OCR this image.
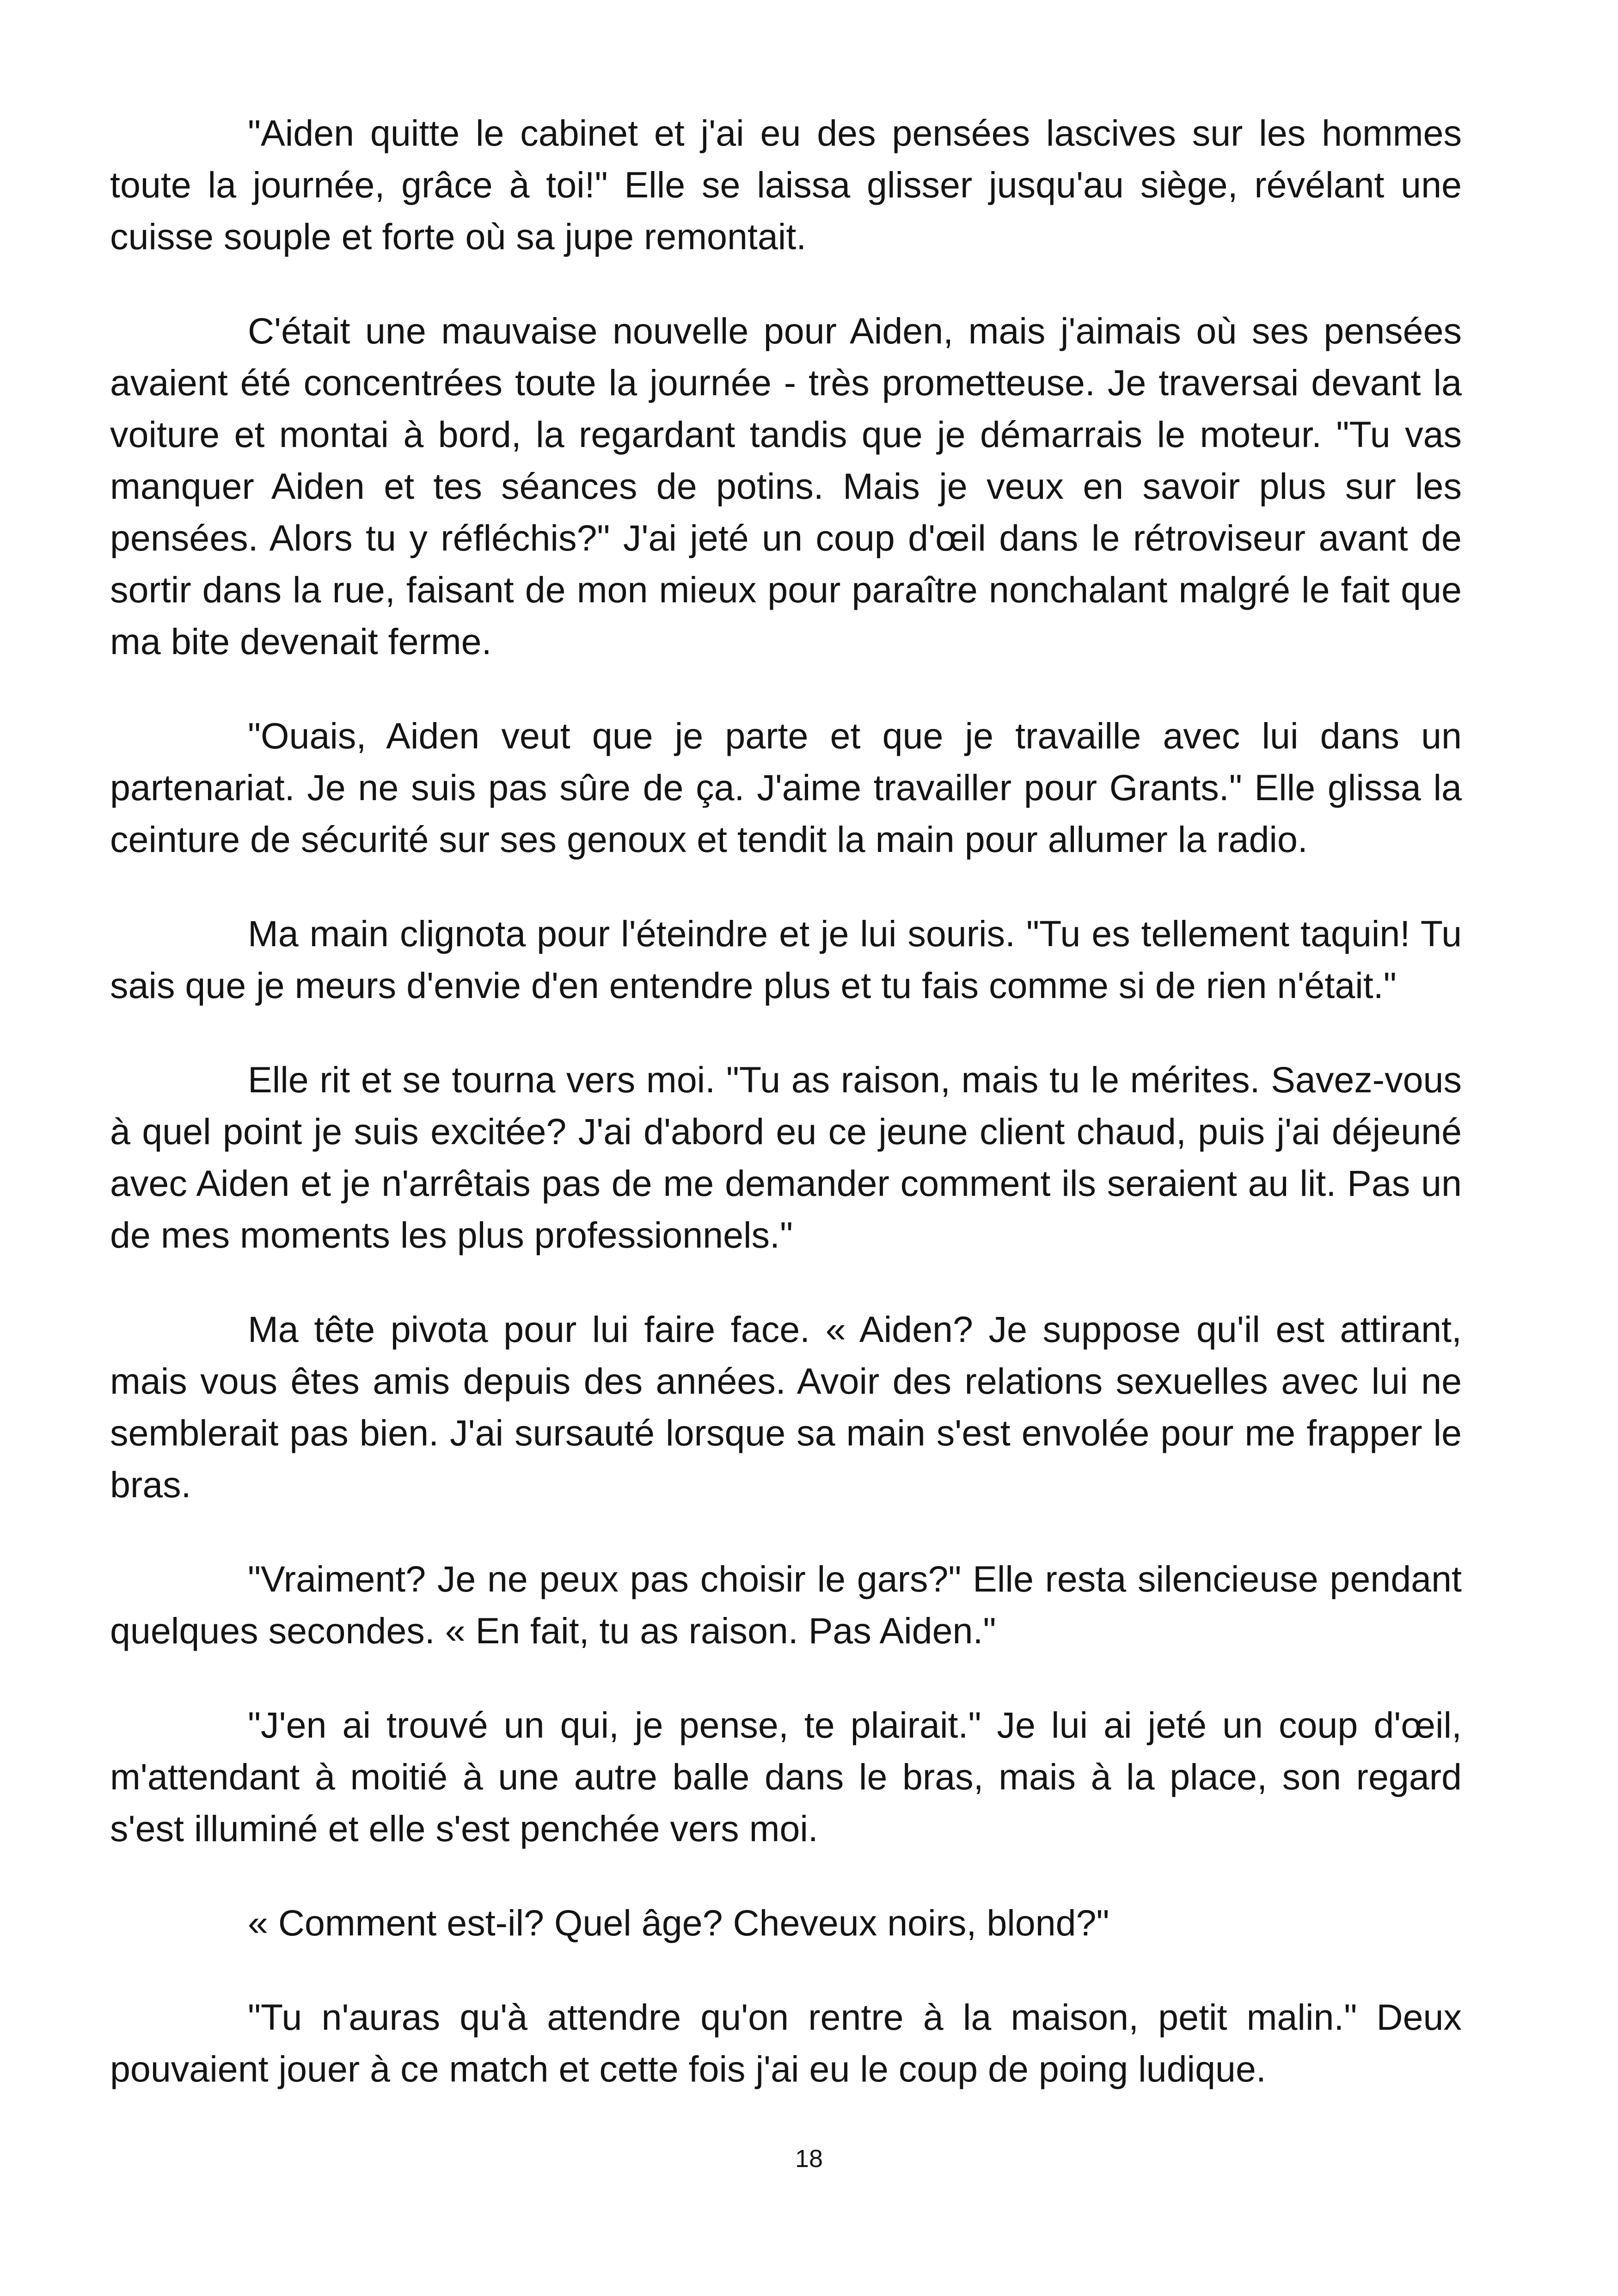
"Aiden quitte le cabinet et j'ai eu des pensées lascives sur les hommes toute la journée, grâce à toi!" Elle se laissa glisser jusqu'au siège, révélant une cuisse souple et forte où sa jupe remontait.

C'était une mauvaise nouvelle pour Aiden, mais j'aimais où ses pensées avaient été concentrées toute la journée - très prometteuse. Je traversai devant la voiture et montai à bord, la regardant tandis que je démarrais le moteur. "Tu vas manquer Aiden et tes séances de potins. Mais je veux en savoir plus sur les pensées. Alors tu y réfléchis?" J'ai jeté un coup d'œil dans le rétroviseur avant de sortir dans la rue, faisant de mon mieux pour paraître nonchalant malgré le fait que ma bite devenait ferme.

"Ouais, Aiden veut que je parte et que je travaille avec lui dans un partenariat. Je ne suis pas sûre de ça. J'aime travailler pour Grants." Elle glissa la ceinture de sécurité sur ses genoux et tendit la main pour allumer la radio.

Ma main clignota pour l'éteindre et je lui souris. "Tu es tellement taquin! Tu sais que je meurs d'envie d'en entendre plus et tu fais comme si de rien n'était."

Elle rit et se tourna vers moi. "Tu as raison, mais tu le mérites. Savez-vous à quel point je suis excitée? J'ai d'abord eu ce jeune client chaud, puis j'ai déjeuné avec Aiden et je n'arrêtais pas de me demander comment ils seraient au lit. Pas un de mes moments les plus professionnels."

Ma tête pivota pour lui faire face. « Aiden? Je suppose qu'il est attirant, mais vous êtes amis depuis des années. Avoir des relations sexuelles avec lui ne semblerait pas bien. J'ai sursauté lorsque sa main s'est envolée pour me frapper le bras.

"Vraiment? Je ne peux pas choisir le gars?" Elle resta silencieuse pendant quelques secondes. « En fait, tu as raison. Pas Aiden."

"J'en ai trouvé un qui, je pense, te plairait." Je lui ai jeté un coup d'œil, m'attendant à moitié à une autre balle dans le bras, mais à la place, son regard s'est illuminé et elle s'est penchée vers moi.

« Comment est-il? Quel âge? Cheveux noirs, blond?"

"Tu n'auras qu'à attendre qu'on rentre à la maison, petit malin." Deux pouvaient jouer à ce match et cette fois j'ai eu le coup de poing ludique.

18
